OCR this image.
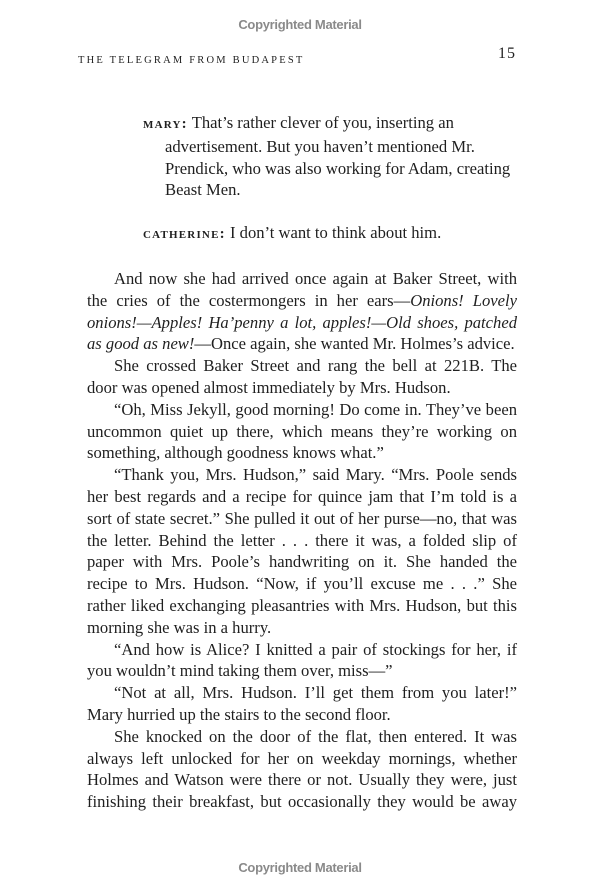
Copyrighted Material
THE TELEGRAM FROM BUDAPEST	15

mary: That’s rather clever of you, inserting an advertisement. But you haven’t mentioned Mr. Prendick, who was also working for Adam, creating Beast Men.

catherine: I don’t want to think about him.

And now she had arrived once again at Baker Street, with the cries of the costermongers in her ears—Onions! Lovely onions!—Apples! Ha’penny a lot, apples!—Old shoes, patched as good as new!—Once again, she wanted Mr. Holmes’s advice.

She crossed Baker Street and rang the bell at 221B. The door was opened almost immediately by Mrs. Hudson.

“Oh, Miss Jekyll, good morning! Do come in. They’ve been uncommon quiet up there, which means they’re working on something, although goodness knows what.”

“Thank you, Mrs. Hudson,” said Mary. “Mrs. Poole sends her best regards and a recipe for quince jam that I’m told is a sort of state secret.” She pulled it out of her purse—no, that was the letter. Behind the letter . . . there it was, a folded slip of paper with Mrs. Poole’s handwriting on it. She handed the recipe to Mrs. Hudson. “Now, if you’ll excuse me . . .” She rather liked exchanging pleasantries with Mrs. Hudson, but this morning she was in a hurry.

“And how is Alice? I knitted a pair of stockings for her, if you wouldn’t mind taking them over, miss—”

“Not at all, Mrs. Hudson. I’ll get them from you later!” Mary hurried up the stairs to the second floor.

She knocked on the door of the flat, then entered. It was always left unlocked for her on weekday mornings, whether Holmes and Watson were there or not. Usually they were, just finishing their breakfast, but occasionally they would be away

Copyrighted Material
